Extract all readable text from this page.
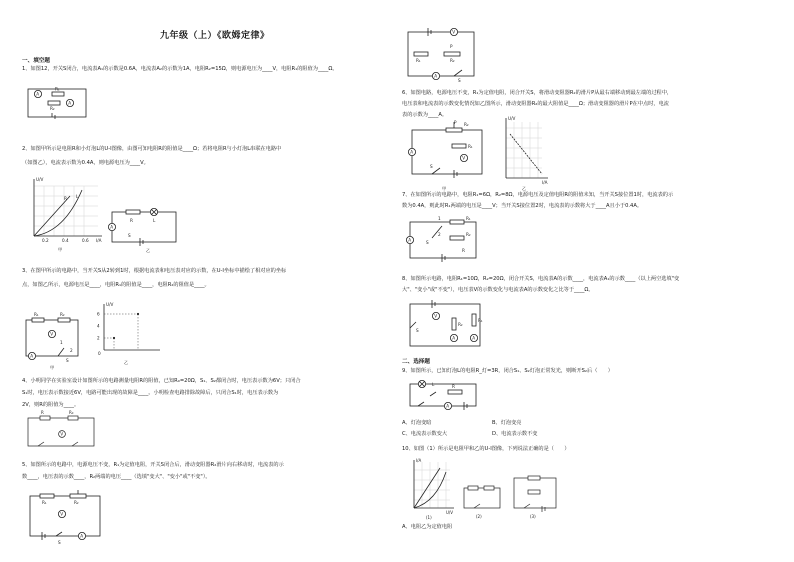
九年级（上）《欧姆定律》
一、填空题
1、如图12，开关S闭合，电流表A₁的示数是0.6A，电流表A₂的示数为1A，电阻R₂=15Ω，则电源电压为____V，电阻R₁的阻值为____Ω。
A
A
R₁
R₂
2、如图甲所示是电阻R和小灯泡L的U-I图像，由图可知电阻R的阻值是____Ω；若将电阻R与小灯泡L串联在电路中
（如图乙），电流表示数为0.4A，则电源电压为____V。
U/V
I/A
R L
0.2	0.4	0.6
甲
A
R	L
S
乙
3、在图甲所示的电路中，当开关S从2转到1时，根据电流表和电压表对应的示数，在U-I坐标中描绘了相对应的坐标
点，如图乙所示，电源电压是____，电阻R₁的阻值是____，电阻R₂的阻值是____。
R₁	R₂
V
A
1
2
S
甲
U/V
6
4
2
0
乙
4、小明同学在实验室设计如图所示的电路测量电阻R的阻值，已知R₀=20Ω，S₁、S₂都闭合时，电压表示数为6V；只闭合
S₁时，电压表示数接近6V，电路可能出现的故障是____。小明检查电路排除故障后，只闭合S₁时，电压表示数为
2V，则R的阻值为____。
R	R₀
V
5、如图所示的电路中，电源电压不变，R₁为定值电阻，开关S闭合后，滑动变阻器R₂滑片向右移动时，电流表的示
数____，电压表的示数____，R₂两端的电压____（选填"变大"、"变小"或"不变"）。
R₁	R₂
V
A
S
V
R₁
P
R₂
A
S
6、如图电路，电源电压不变，R₁为定值电阻，闭合开关S，将滑动变阻器R₂的滑片P从最右端移动到最左端的过程中，
电压表和电流表的示数变化情况如乙图所示，滑动变阻器R₂的最大阻值是____Ω；滑动变阻器的滑片P在中点时，电流
表的示数为____A。
P R₂
R₁
V
A
S
甲
U/V
I/A
乙
7、在如图所示的电路中，电阻R₁=6Ω，R₂=8Ω，电源电压及定值电阻R的阻值未知，当开关S接位置1时，电流表的示
数为0.4A，则此时R₁两端的电压是____V；当开关S接位置2时，电流表的示数将大于____A且小于0.4A。
1
2
R₁
R₂
S
A
R
8、如图所示电路，电阻R₁=10Ω，R₂=20Ω，闭合开关S，电流表A的示数____，电流表A₁的示数____（以上两空选填"变
大"、"变小"或"不变"），电压表V的示数变化与电流表A的示数变化之比等于____Ω。
V
R₂
R₁
A	A
S
二、选择题
9、如图所示，已知灯泡L的电阻R_灯=3R，闭合S₁、S₂灯泡正常发光，则断开S₂后（　　）
L	R
A
A、灯泡变暗	B、灯泡变亮
C、电流表示数变大	D、电流表示数不变
10、如图（1）所示是电阻甲和乙的U-I图像，下列说法正确的是（　　）
I/A
U/V
(1)	(2)	(3)
A、电阻乙为定值电阻
